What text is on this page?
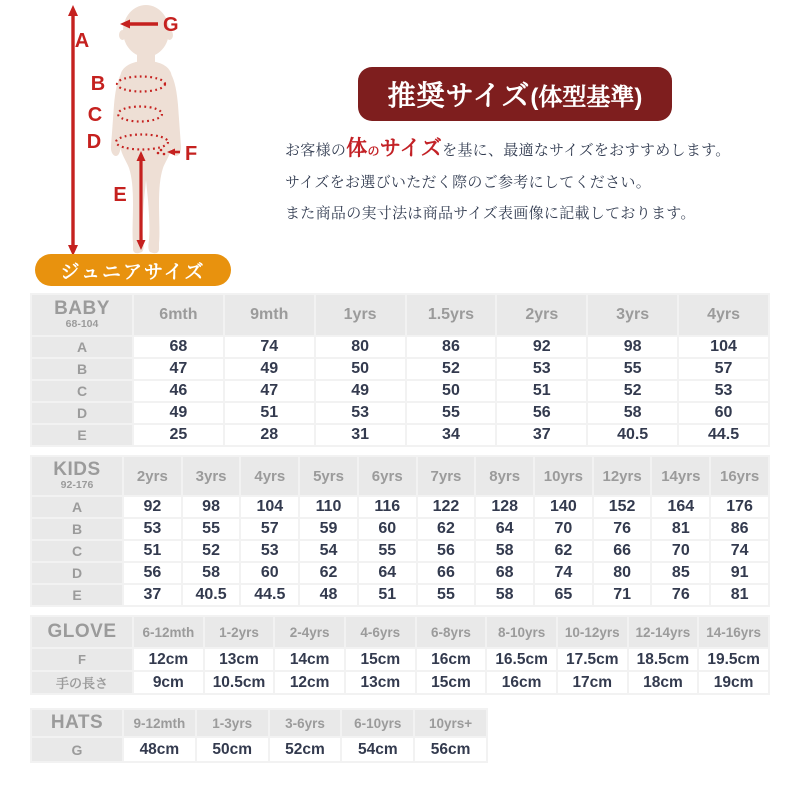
A
B
C
D
E
F
G
ジュニアサイズ
推奨サイズ (体型基準)

お客様の体のサイズを基に、最適なサイズをおすすめします。

サイズをお選びいただく際のご参考にしてください。

また商品の実寸法は商品サイズ表画像に記載しております。

BABY
68-104	6mth	9mth	1yrs	1.5yrs	2yrs	3yrs	4yrs
A	68	74	80	86	92	98	104
B	47	49	50	52	53	55	57
C	46	47	49	50	51	52	53
D	49	51	53	55	56	58	60
E	25	28	31	34	37	40.5	44.5
KIDS
92-176	2yrs	3yrs	4yrs	5yrs	6yrs	7yrs	8yrs	10yrs	12yrs	14yrs	16yrs
A	92	98	104	110	116	122	128	140	152	164	176
B	53	55	57	59	60	62	64	70	76	81	86
C	51	52	53	54	55	56	58	62	66	70	74
D	56	58	60	62	64	66	68	74	80	85	91
E	37	40.5	44.5	48	51	55	58	65	71	76	81
GLOVE	6-12mth	1-2yrs	2-4yrs	4-6yrs	6-8yrs	8-10yrs	10-12yrs	12-14yrs	14-16yrs
F	12cm	13cm	14cm	15cm	16cm	16.5cm	17.5cm	18.5cm	19.5cm
手の長さ	9cm	10.5cm	12cm	13cm	15cm	16cm	17cm	18cm	19cm
HATS	9-12mth	1-3yrs	3-6yrs	6-10yrs	10yrs+
G	48cm	50cm	52cm	54cm	56cm
